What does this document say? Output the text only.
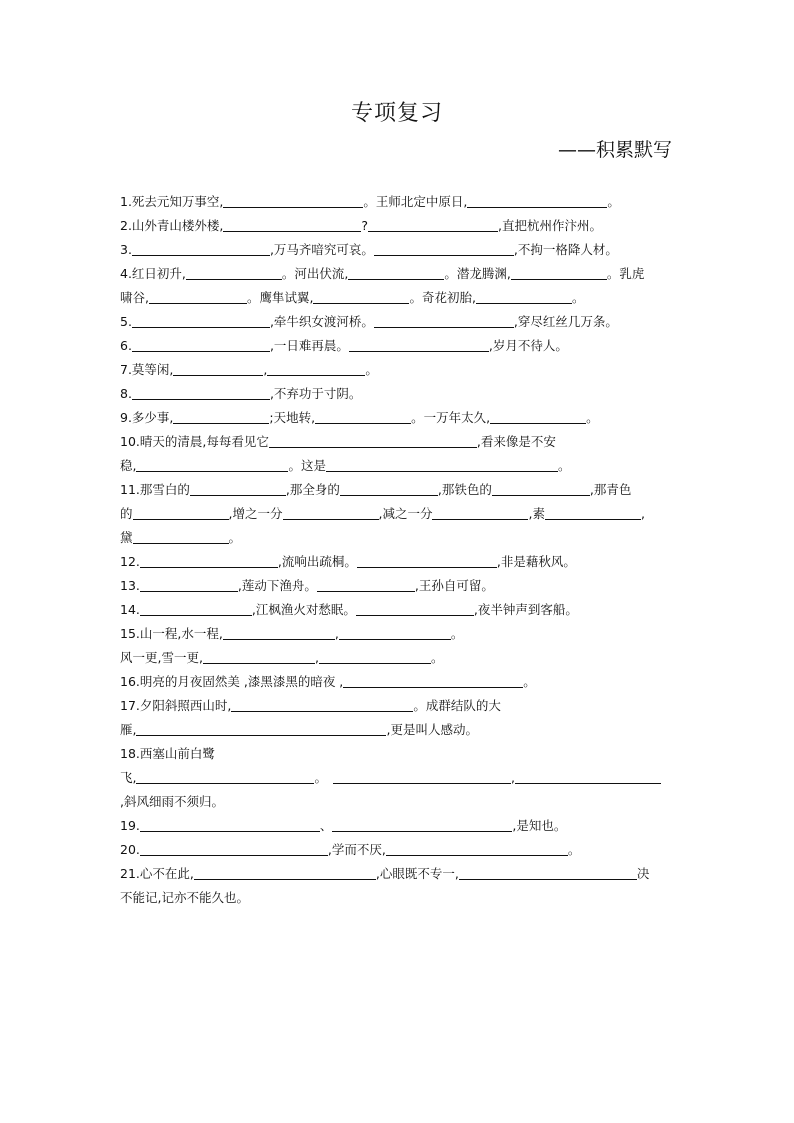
专项复习
——积累默写
1.死去元知万事空,	。王师北定中原日,	。
2.山外青山楼外楼,	?	,直把杭州作汴州。
3.	,万马齐喑究可哀。	,不拘一格降人材。
4.红日初升,	。河出伏流,	。潜龙腾渊,	。乳虎
啸谷,	。鹰隼试翼,	。奇花初胎,	。
5.	,牵牛织女渡河桥。	,穿尽红丝几万条。
6.	,一日难再晨。	,岁月不待人。
7.莫等闲,	,	。
8.	,不弃功于寸阴。
9.多少事,	;天地转,	。一万年太久,	。
10.晴天的清晨,每每看见它	,看来像是不安
稳,	。这是	。
11.那雪白的	,那全身的	,那铁色的	,那青色
的	,增之一分	,减之一分	,素	,
黛	。
12.	,流响出疏桐。	,非是藉秋风。
13.	,莲动下渔舟。	,王孙自可留。
14.	,江枫渔火对愁眠。	,夜半钟声到客船。
15.山一程,水一程,	,	。
风一更,雪一更,	,	。
16.明亮的月夜固然美 ,漆黑漆黑的暗夜 ,	。
17.夕阳斜照西山时,	。成群结队的大
雁,	,更是叫人感动。
18.西塞山前白鹭
飞,	。	,
,斜风细雨不须归。
19.	、	,是知也。
20.	,学而不厌,	。
21.心不在此,	,心眼既不专一,	决
不能记,记亦不能久也。
